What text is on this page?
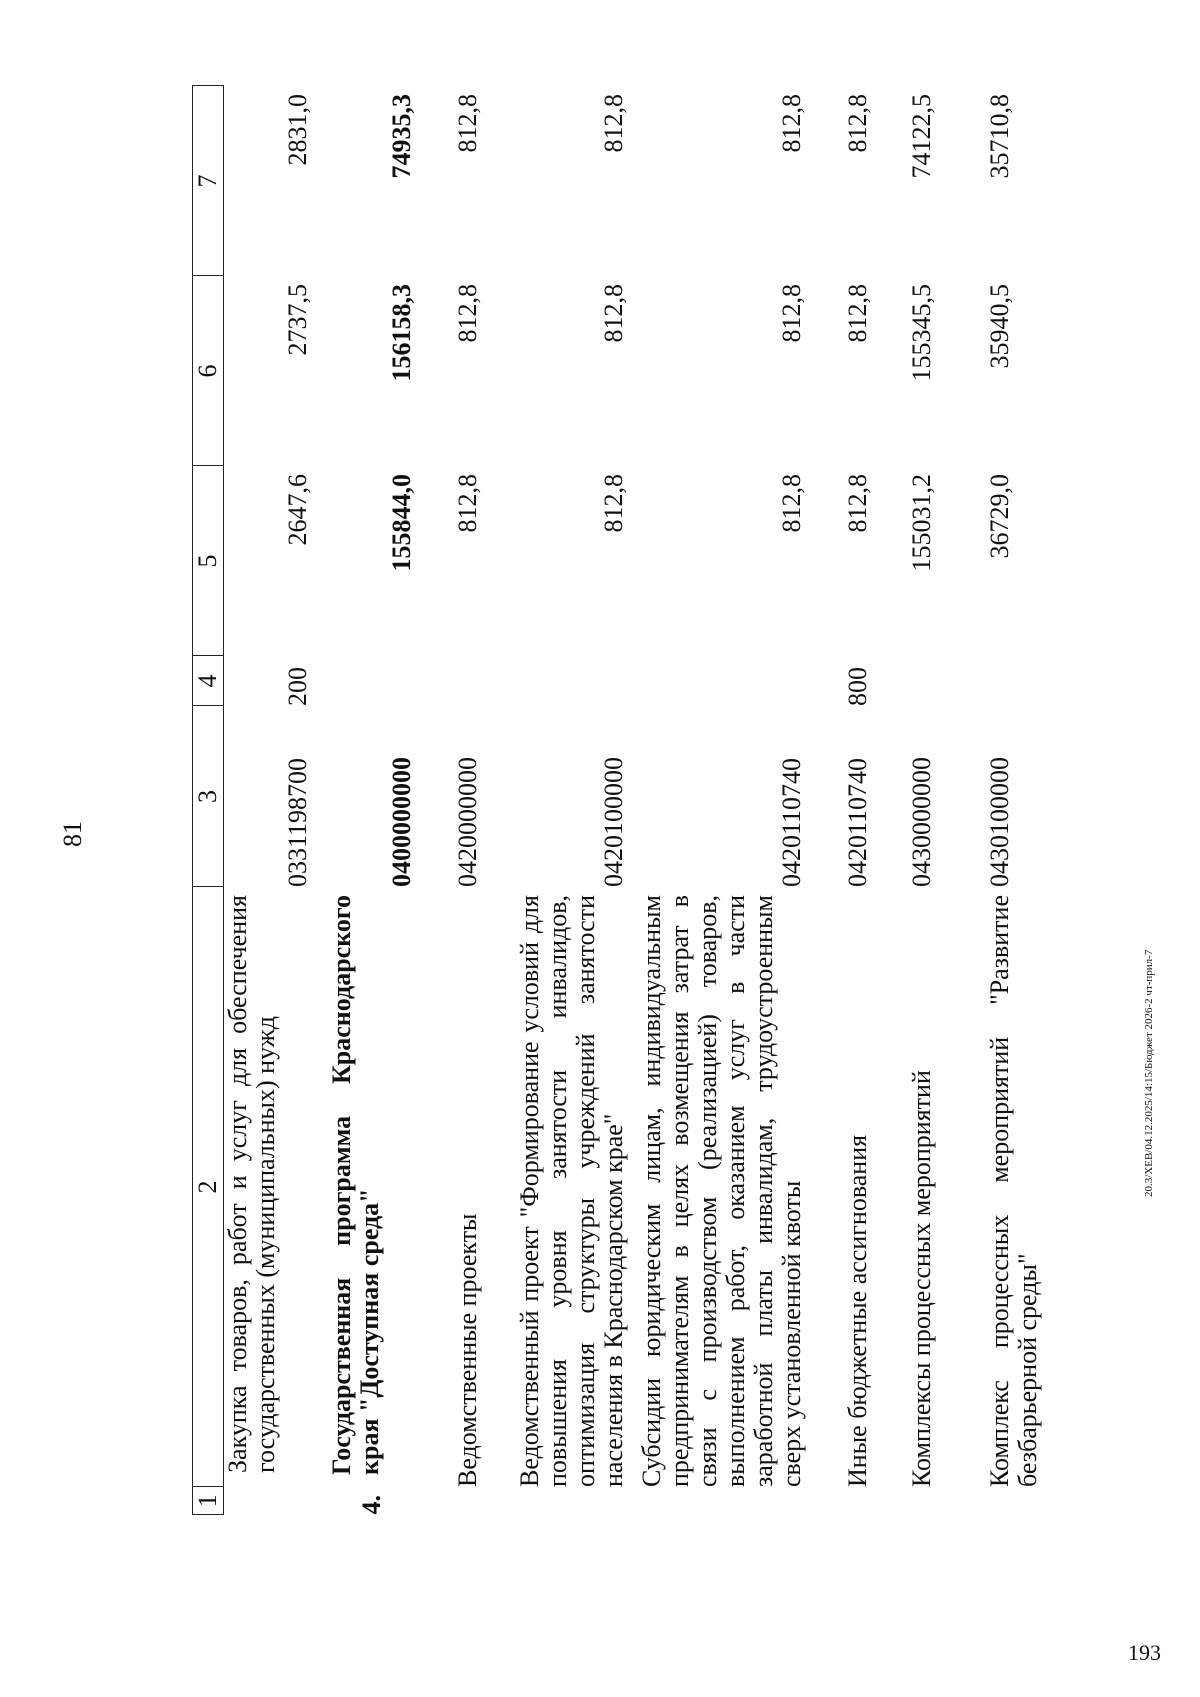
81
1	2	3	4	5	6	7
	Закупка товаров, работ и услуг для обеспечения государственных (муниципальных) нужд	0331198700	200	2647,6	2737,5	2831,0
4.	Государственная программа Краснодарского края "Доступная среда"	0400000000		155844,0	156158,3	74935,3
	Ведомственные проекты	0420000000		812,8	812,8	812,8
	Ведомственный проект "Формирование условий для повышения уровня занятости инвалидов, оптимизация структуры учреждений занятости населения в Краснодарском крае"	0420100000		812,8	812,8	812,8
	Субсидии юридическим лицам, индивидуальным предпринимателям в целях возмещения затрат в связи с производством (реализацией) товаров, выполнением работ, оказанием услуг в части заработной платы инвалидам, трудоустроенным сверх установленной квоты	0420110740		812,8	812,8	812,8
	Иные бюджетные ассигнования	0420110740	800	812,8	812,8	812,8
	Комплексы процессных мероприятий	0430000000		155031,2	155345,5	74122,5
	Комплекс процессных мероприятий "Развитие безбарьерной среды"	0430100000		36729,0	35940,5	35710,8
20.3/ХЕВ/04.12.2025/14:15/Бюджет 2026-2 чт-прил-7
193
